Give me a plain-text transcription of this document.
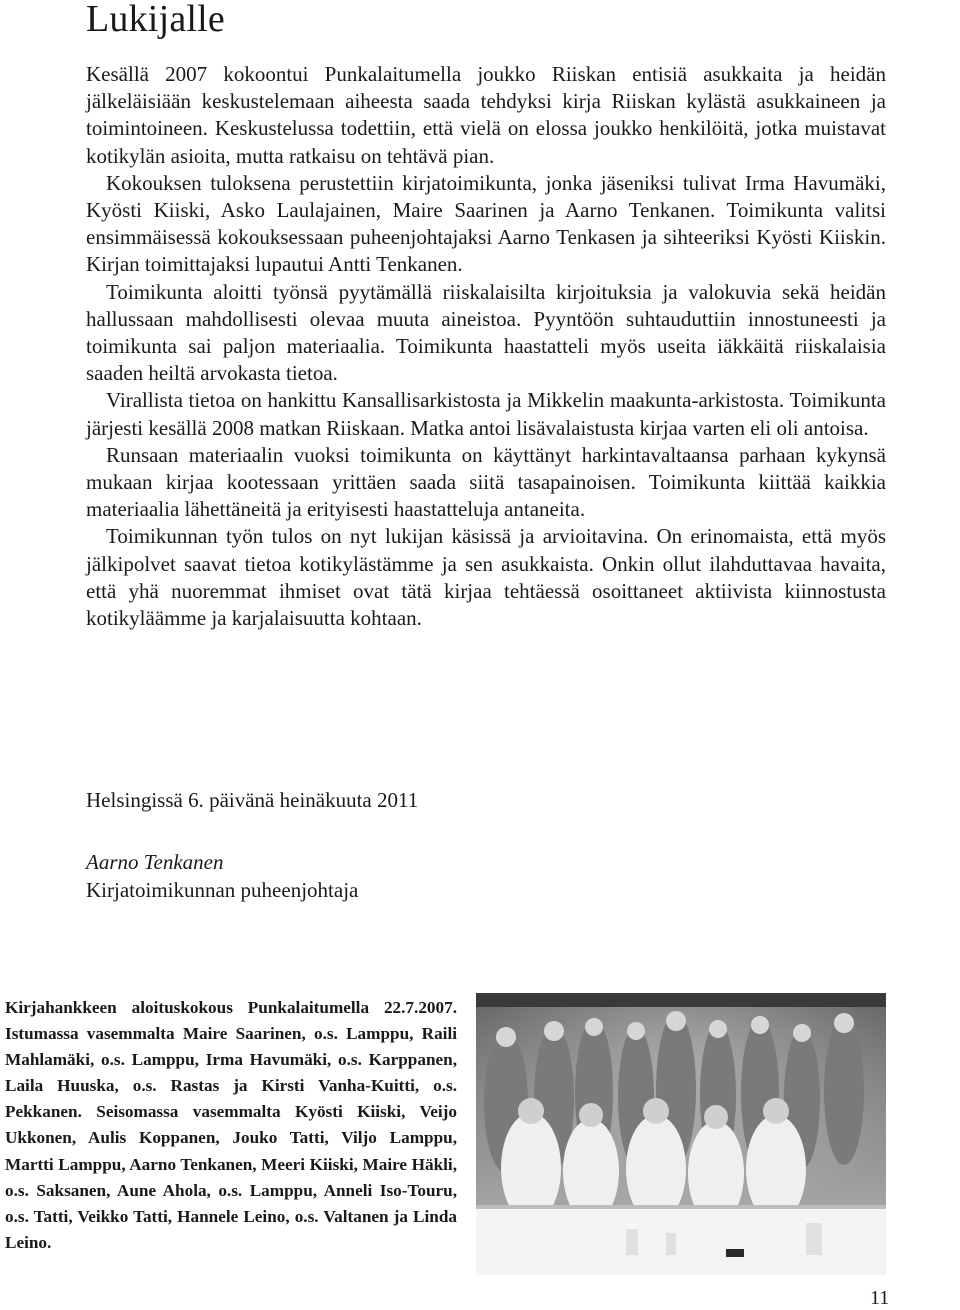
Lukijalle

Kesällä 2007 kokoontui Punkalaitumella joukko Riiskan entisiä asukkaita ja heidän jälkeläisiään keskustelemaan aiheesta saada tehdyksi kirja Riiskan kylästä asukkaineen ja toimintoineen. Keskustelussa todettiin, että vielä on elossa joukko henkilöitä, jotka muistavat kotikylän asioita, mutta ratkaisu on tehtävä pian.

Kokouksen tuloksena perustettiin kirjatoimikunta, jonka jäseniksi tulivat Irma Havumäki, Kyösti Kiiski, Asko Laulajainen, Maire Saarinen ja Aarno Tenkanen. Toimikunta valitsi ensimmäisessä kokouksessaan puheenjohtajaksi Aarno Tenkasen ja sihteeriksi Kyösti Kiiskin. Kirjan toimittajaksi lupautui Antti Tenkanen.

Toimikunta aloitti työnsä pyytämällä riiskalaisilta kirjoituksia ja valokuvia sekä heidän hallussaan mahdollisesti olevaa muuta aineistoa. Pyyntöön suhtauduttiin innostuneesti ja toimikunta sai paljon materiaalia. Toimikunta haastatteli myös useita iäkkäitä riiskalaisia saaden heiltä arvokasta tietoa.

Virallista tietoa on hankittu Kansallisarkistosta ja Mikkelin maakunta-arkistosta. Toimikunta järjesti kesällä 2008 matkan Riiskaan. Matka antoi lisävalaistusta kirjaa varten eli oli antoisa.

Runsaan materiaalin vuoksi toimikunta on käyttänyt harkintavaltaansa parhaan kykynsä mukaan kirjaa kootessaan yrittäen saada siitä tasapainoisen. Toimikunta kiittää kaikkia materiaalia lähettäneitä ja erityisesti haastatteluja antaneita.

Toimikunnan työn tulos on nyt lukijan käsissä ja arvioitavina. On erinomaista, että myös jälkipolvet saavat tietoa kotikylästämme ja sen asukkaista. Onkin ollut ilahduttavaa havaita, että yhä nuoremmat ihmiset ovat tätä kirjaa tehtäessä osoittaneet aktiivista kiinnostusta kotikyläämme ja karjalaisuutta kohtaan.

Helsingissä 6. päivänä heinäkuuta 2011

Aarno Tenkanen

Kirjatoimikunnan puheenjohtaja

Kirjahankkeen aloituskokous Punkalaitumella 22.7.2007. Istumassa vasemmalta Maire Saarinen, o.s. Lamppu, Raili Mahlamäki, o.s. Lamppu, Irma Havumäki, o.s. Karppanen, Laila Huuska, o.s. Rastas ja Kirsti Vanha-Kuitti, o.s. Pekkanen. Seisomassa vasemmalta Kyösti Kiiski, Veijo Ukkonen, Aulis Koppanen, Jouko Tatti, Viljo Lamppu, Martti Lamppu, Aarno Tenkanen, Meeri Kiiski, Maire Häkli, o.s. Saksanen, Aune Ahola, o.s. Lamppu, Anneli Iso-Touru, o.s. Tatti, Veikko Tatti, Hannele Leino, o.s. Valtanen ja Linda Leino.

11
